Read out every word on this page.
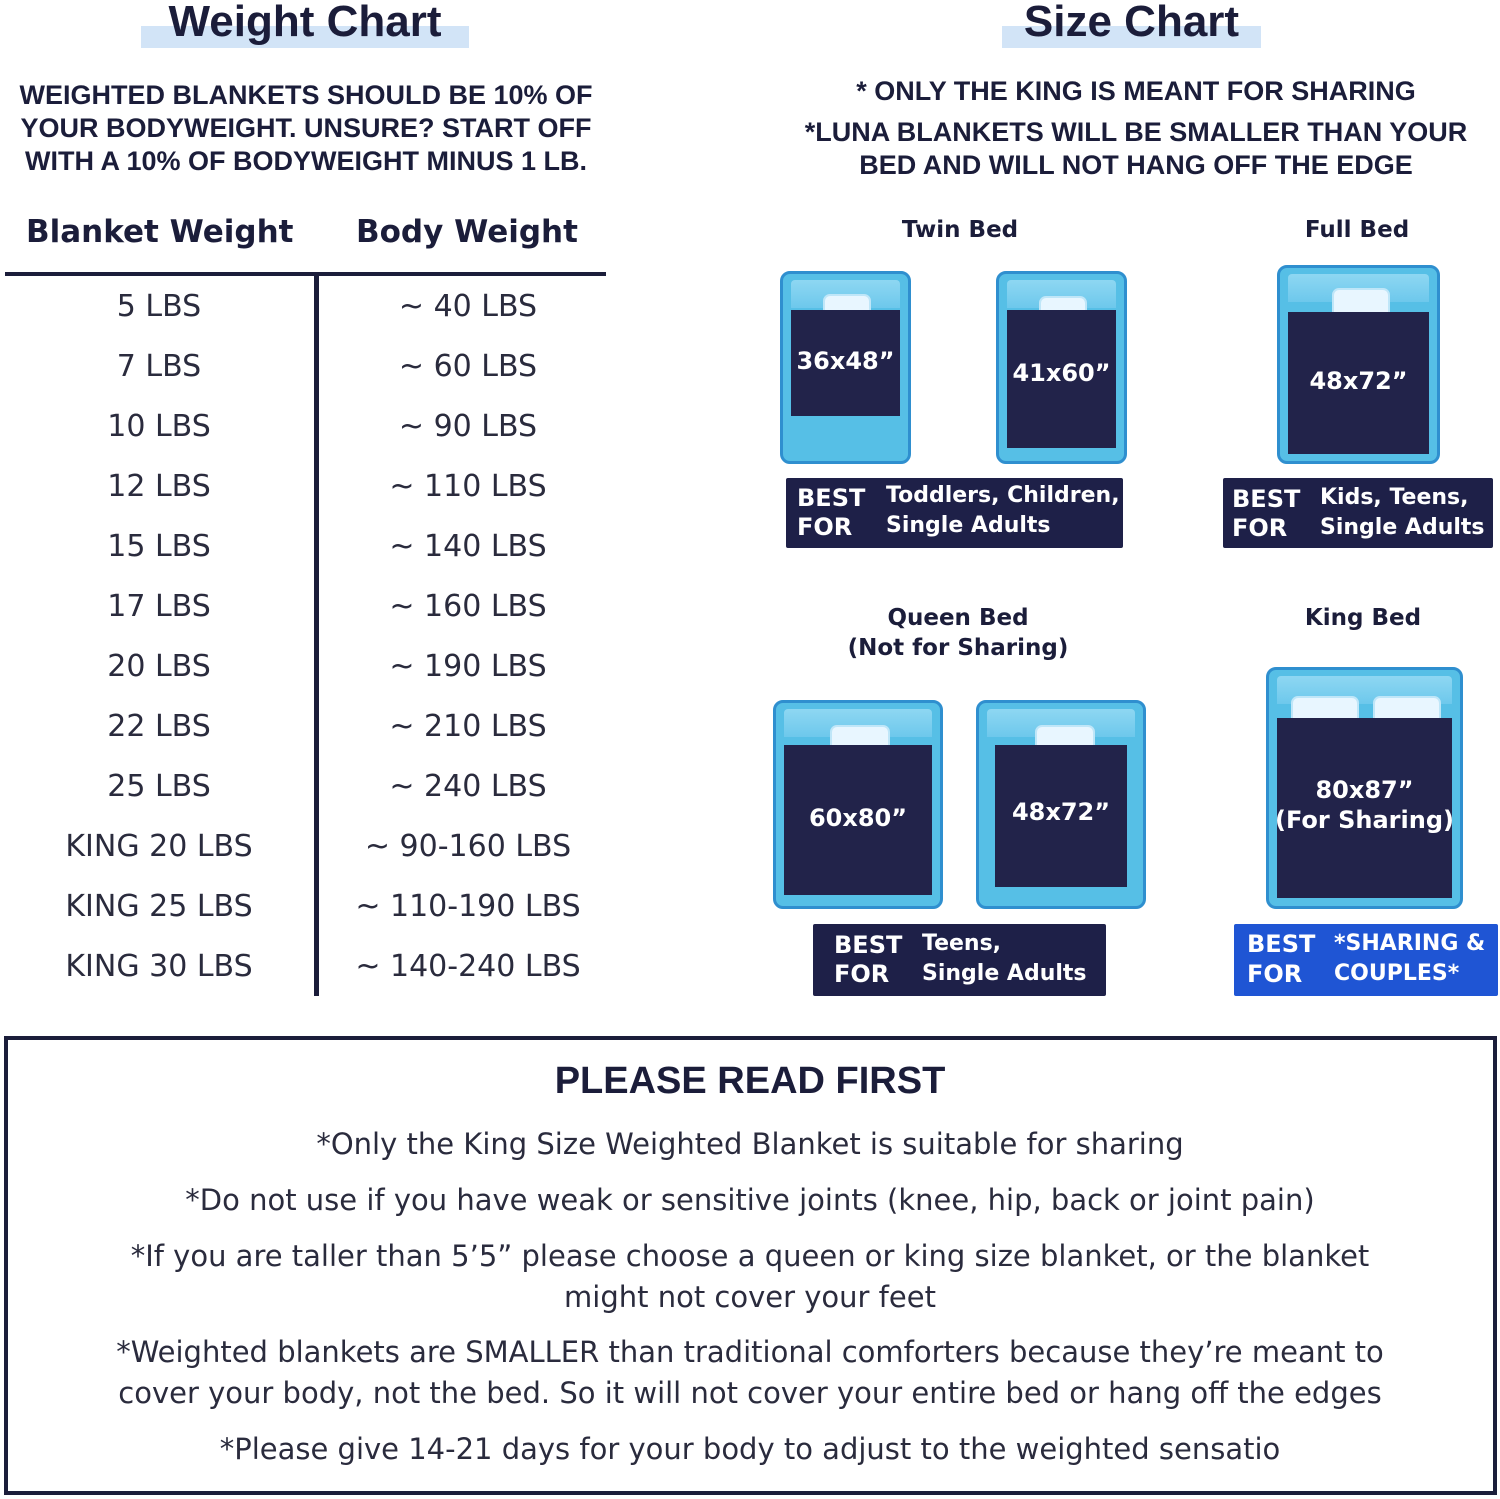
Weight Chart
WEIGHTED BLANKETS SHOULD BE 10% OF
YOUR BODYWEIGHT. UNSURE? START OFF
WITH A 10% OF BODYWEIGHT MINUS 1 LB.
Blanket Weight Body Weight
5 LBS	~ 40 LBS
7 LBS	~ 60 LBS
10 LBS	~ 90 LBS
12 LBS	~ 110 LBS
15 LBS	~ 140 LBS
17 LBS	~ 160 LBS
20 LBS	~ 190 LBS
22 LBS	~ 210 LBS
25 LBS	~ 240 LBS
KING 20 LBS	~ 90-160 LBS
KING 25 LBS	~ 110-190 LBS
KING 30 LBS	~ 140-240 LBS
Size Chart
* ONLY THE KING IS MEANT FOR SHARING
*LUNA BLANKETS WILL BE SMALLER THAN YOUR
BED AND WILL NOT HANG OFF THE EDGE
Twin Bed
36x48”	41x60”
BEST
FOR
Toddlers, Children,
Single Adults
Full Bed
48x72”
BEST
FOR
Kids, Teens,
Single Adults
Queen Bed
(Not for Sharing)
60x80”	48x72”
BEST
FOR
Teens,
Single Adults
King Bed
80x87”
(For Sharing)
BEST
FOR
*SHARING &
COUPLES*
PLEASE READ FIRST
*Only the King Size Weighted Blanket is suitable for sharing
*Do not use if you have weak or sensitive joints (knee, hip, back or joint pain)
*If you are taller than 5’5” please choose a queen or king size blanket, or the blanket
might not cover your feet
*Weighted blankets are SMALLER than traditional comforters because they’re meant to
cover your body, not the bed. So it will not cover your entire bed or hang off the edges
*Please give 14-21 days for your body to adjust to the weighted sensatio
